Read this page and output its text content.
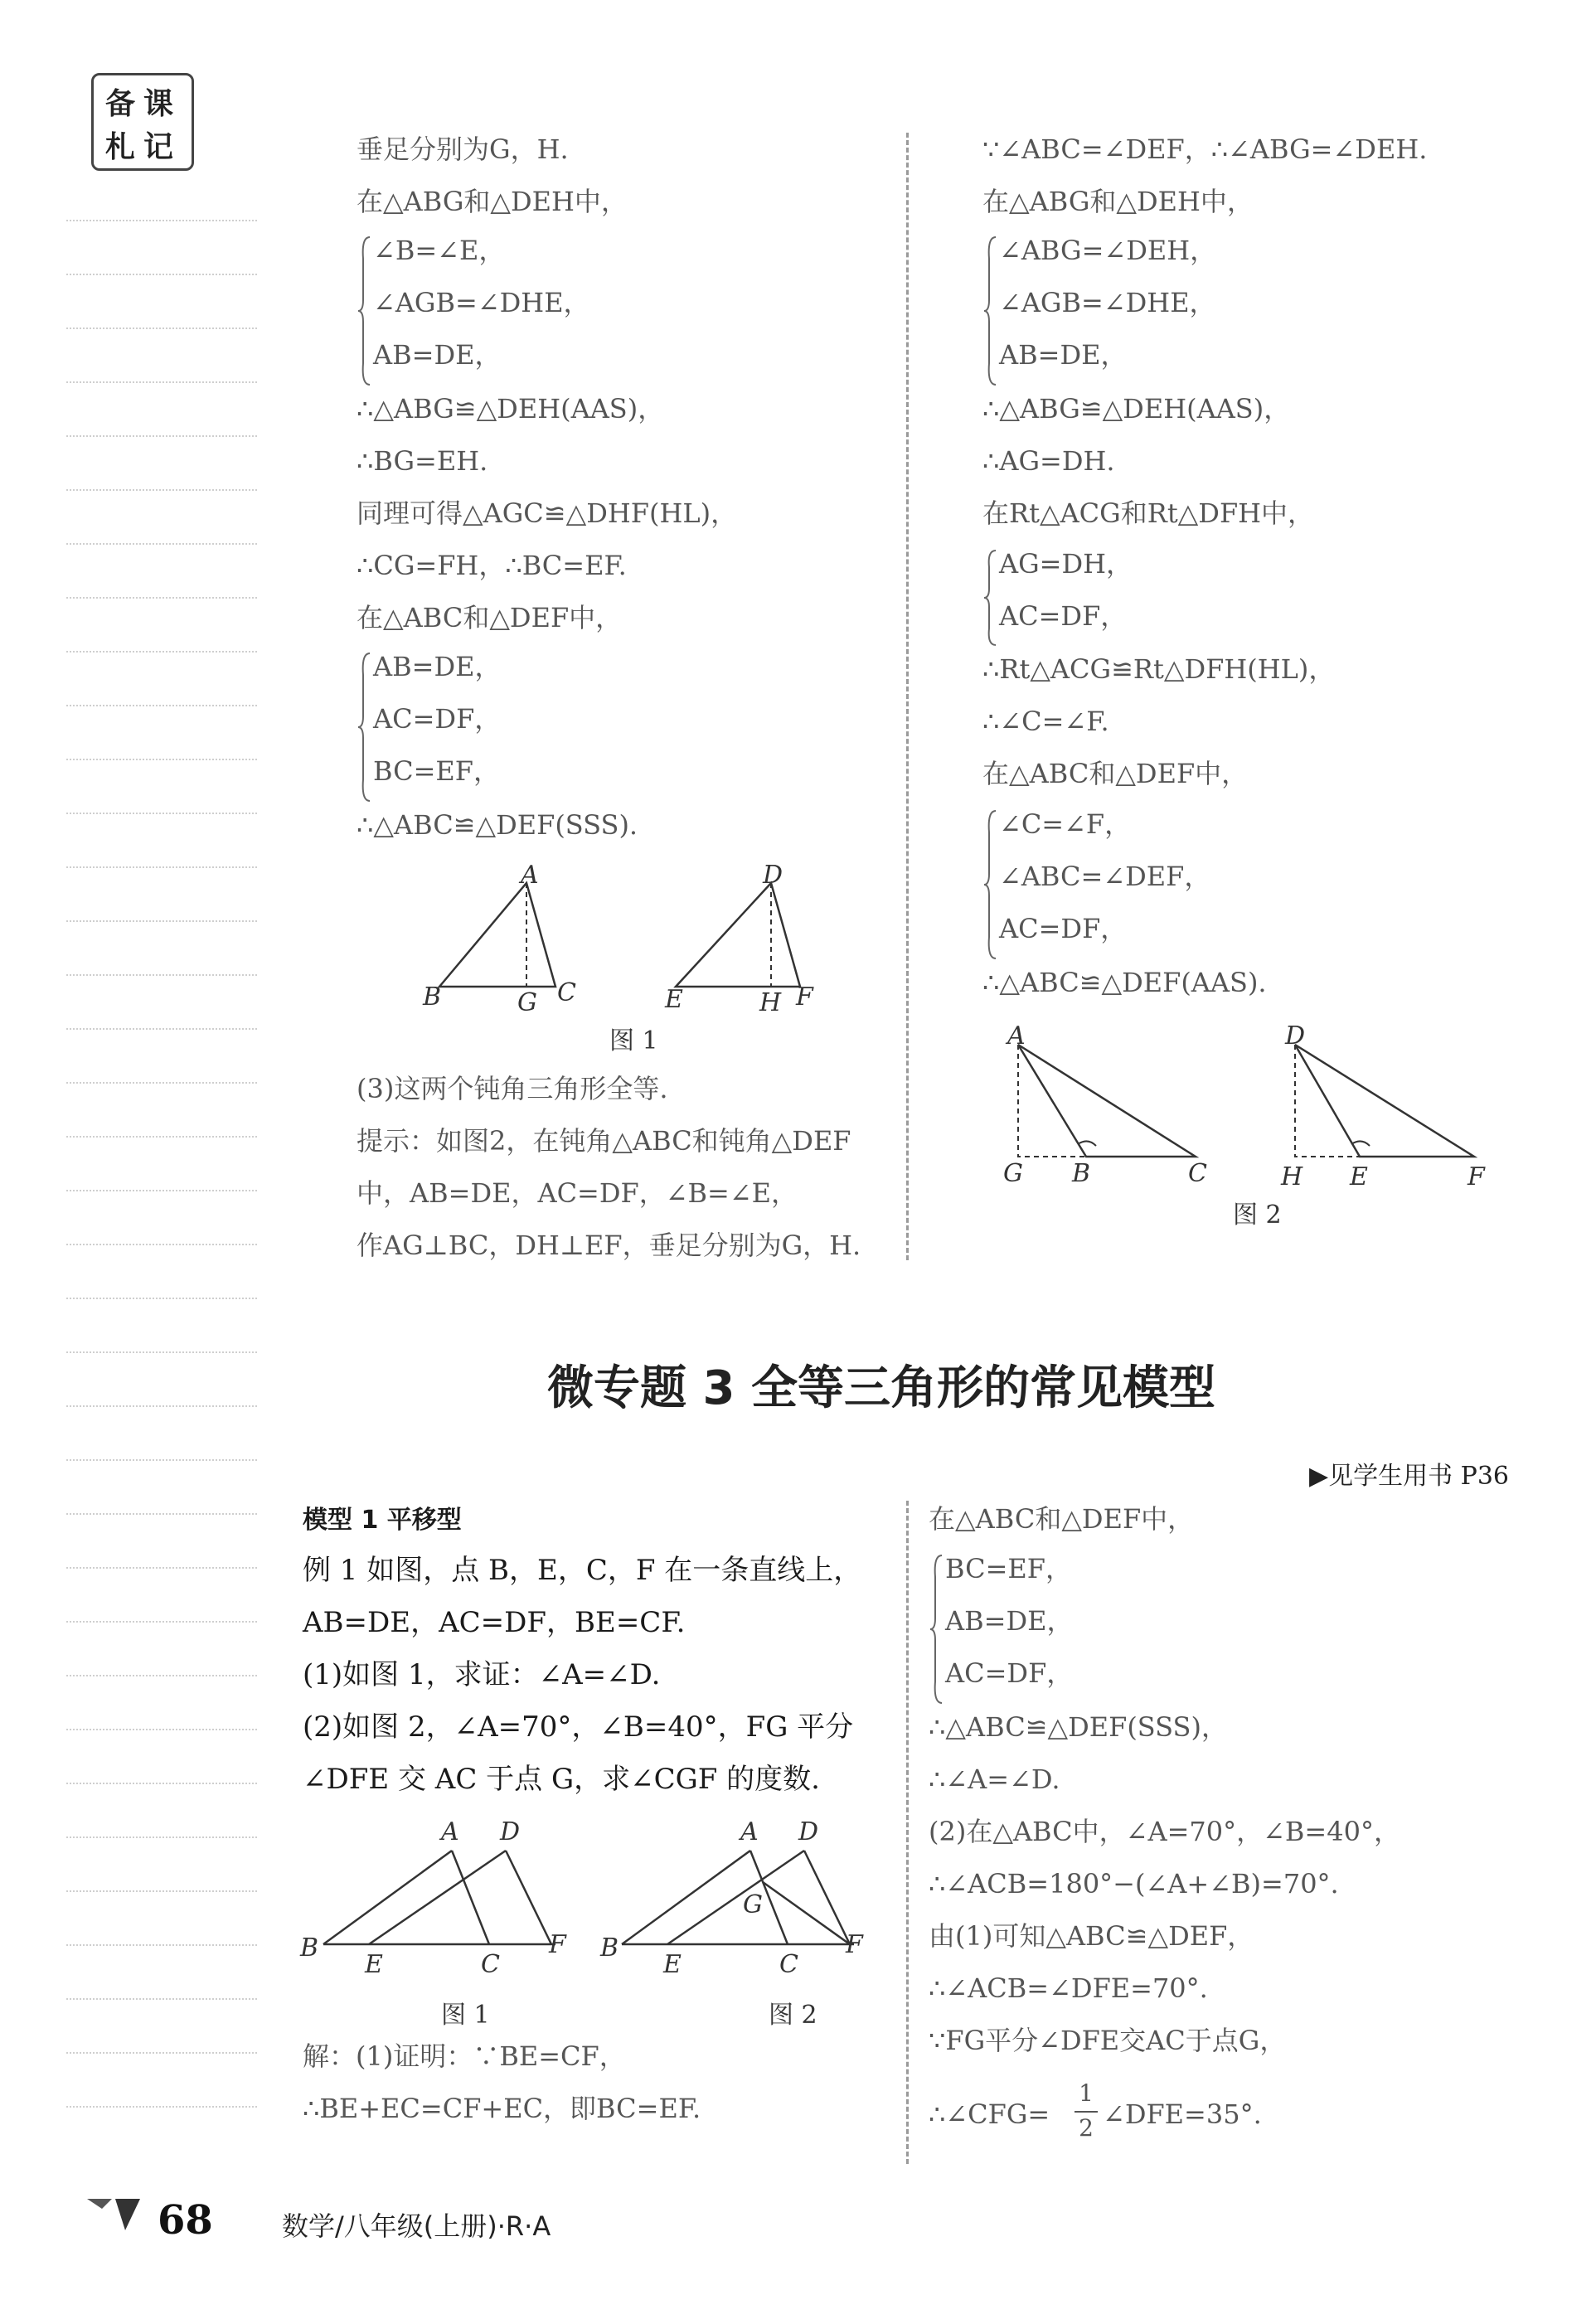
备 课
札 记	垂足分别为G，H.
在△ABG和△DEH中，
∠B=∠E，
∠AGB=∠DHE，
AB=DE，
∴△ABG≌△DEH(AAS)，
∴BG=EH.
同理可得△AGC≌△DHF(HL)，
∴CG=FH，∴BC=EF.
在△ABC和△DEF中，
AB=DE，
AC=DF，
BC=EF，
∴△ABC≌△DEF(SSS).
A
B	G C
D
E	H F
图 1
(3)这两个钝角三角形全等.
提示：如图2，在钝角△ABC和钝角△DEF
中，AB=DE，AC=DF，∠B=∠E，
作AG⊥BC，DH⊥EF，垂足分别为G，H.
∵∠ABC=∠DEF，∴∠ABG=∠DEH.
在△ABG和△DEH中，
∠ABG=∠DEH，
∠AGB=∠DHE，
AB=DE，
∴△ABG≌△DEH(AAS)，
∴AG=DH.
在Rt△ACG和Rt△DFH中，
AG=DH，
AC=DF，
∴Rt△ACG≌Rt△DFH(HL)，
∴∠C=∠F.
在△ABC和△DEF中，
∠C=∠F，
∠ABC=∠DEF，
AC=DF，
∴△ABC≌△DEF(AAS).
A
G B	C
D
H E	F
图 2
微专题 3 全等三角形的常见模型
▶见学生用书 P36
模型 1 平移型
例 1 如图，点 B，E，C，F 在一条直线上，
AB=DE，AC=DF，BE=CF.
(1)如图 1，求证：∠A=∠D.
(2)如图 2，∠A=70°，∠B=40°，FG 平分
∠DFE 交 AC 于点 G，求∠CGF 的度数.
A D
B
E	C
F
图 1
A D
G
B
E	C
F
图 2
解：(1)证明：∵BE=CF，
∴BE+EC=CF+EC，即BC=EF.
在△ABC和△DEF中，
BC=EF，
AB=DE，
AC=DF，
∴△ABC≌△DEF(SSS)，
∴∠A=∠D.
(2)在△ABC中，∠A=70°，∠B=40°，
∴∠ACB=180°−(∠A+∠B)=70°.
由(1)可知△ABC≌△DEF，
∴∠ACB=∠DFE=70°.
∵FG平分∠DFE交AC于点G，
∴∠CFG=
1
2 ∠DFE=35°.
68	数学/八年级(上册)·R·A
